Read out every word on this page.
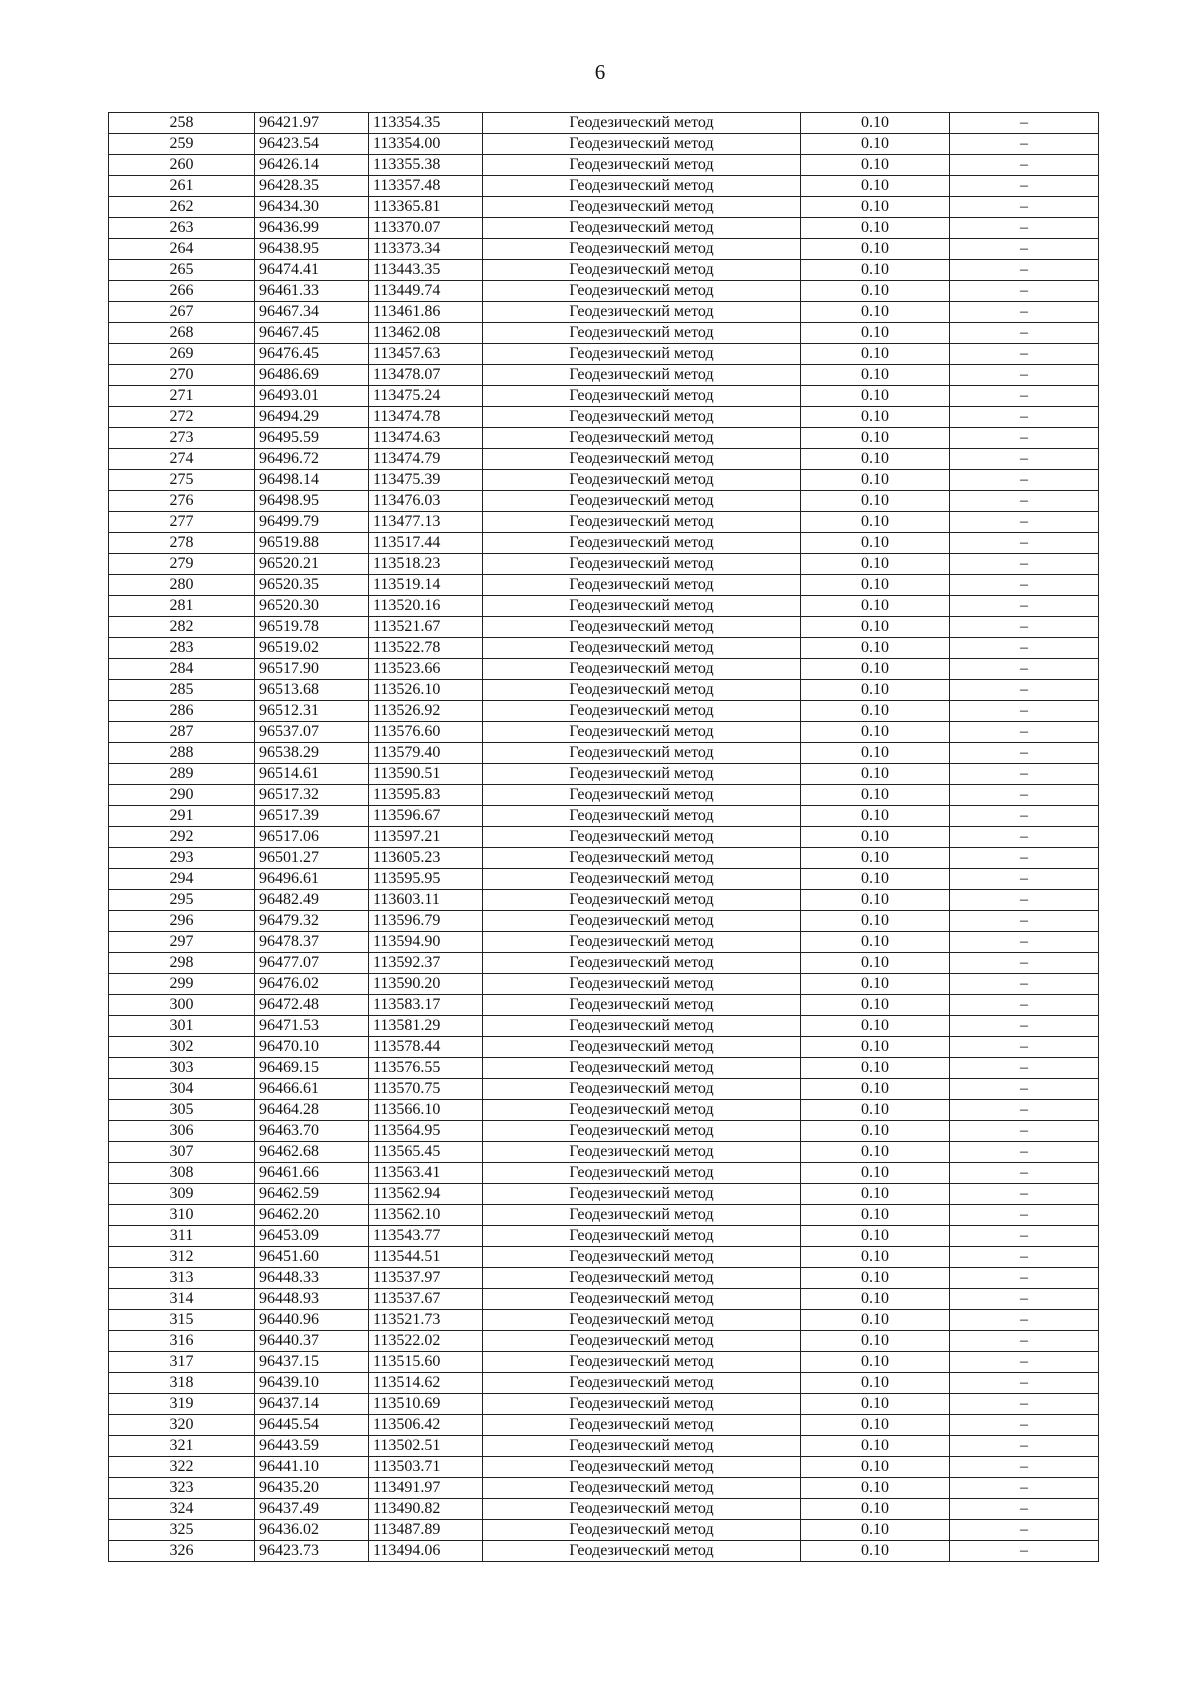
6
258	96421.97	113354.35	Геодезический метод	0.10	–
259	96423.54	113354.00	Геодезический метод	0.10	–
260	96426.14	113355.38	Геодезический метод	0.10	–
261	96428.35	113357.48	Геодезический метод	0.10	–
262	96434.30	113365.81	Геодезический метод	0.10	–
263	96436.99	113370.07	Геодезический метод	0.10	–
264	96438.95	113373.34	Геодезический метод	0.10	–
265	96474.41	113443.35	Геодезический метод	0.10	–
266	96461.33	113449.74	Геодезический метод	0.10	–
267	96467.34	113461.86	Геодезический метод	0.10	–
268	96467.45	113462.08	Геодезический метод	0.10	–
269	96476.45	113457.63	Геодезический метод	0.10	–
270	96486.69	113478.07	Геодезический метод	0.10	–
271	96493.01	113475.24	Геодезический метод	0.10	–
272	96494.29	113474.78	Геодезический метод	0.10	–
273	96495.59	113474.63	Геодезический метод	0.10	–
274	96496.72	113474.79	Геодезический метод	0.10	–
275	96498.14	113475.39	Геодезический метод	0.10	–
276	96498.95	113476.03	Геодезический метод	0.10	–
277	96499.79	113477.13	Геодезический метод	0.10	–
278	96519.88	113517.44	Геодезический метод	0.10	–
279	96520.21	113518.23	Геодезический метод	0.10	–
280	96520.35	113519.14	Геодезический метод	0.10	–
281	96520.30	113520.16	Геодезический метод	0.10	–
282	96519.78	113521.67	Геодезический метод	0.10	–
283	96519.02	113522.78	Геодезический метод	0.10	–
284	96517.90	113523.66	Геодезический метод	0.10	–
285	96513.68	113526.10	Геодезический метод	0.10	–
286	96512.31	113526.92	Геодезический метод	0.10	–
287	96537.07	113576.60	Геодезический метод	0.10	–
288	96538.29	113579.40	Геодезический метод	0.10	–
289	96514.61	113590.51	Геодезический метод	0.10	–
290	96517.32	113595.83	Геодезический метод	0.10	–
291	96517.39	113596.67	Геодезический метод	0.10	–
292	96517.06	113597.21	Геодезический метод	0.10	–
293	96501.27	113605.23	Геодезический метод	0.10	–
294	96496.61	113595.95	Геодезический метод	0.10	–
295	96482.49	113603.11	Геодезический метод	0.10	–
296	96479.32	113596.79	Геодезический метод	0.10	–
297	96478.37	113594.90	Геодезический метод	0.10	–
298	96477.07	113592.37	Геодезический метод	0.10	–
299	96476.02	113590.20	Геодезический метод	0.10	–
300	96472.48	113583.17	Геодезический метод	0.10	–
301	96471.53	113581.29	Геодезический метод	0.10	–
302	96470.10	113578.44	Геодезический метод	0.10	–
303	96469.15	113576.55	Геодезический метод	0.10	–
304	96466.61	113570.75	Геодезический метод	0.10	–
305	96464.28	113566.10	Геодезический метод	0.10	–
306	96463.70	113564.95	Геодезический метод	0.10	–
307	96462.68	113565.45	Геодезический метод	0.10	–
308	96461.66	113563.41	Геодезический метод	0.10	–
309	96462.59	113562.94	Геодезический метод	0.10	–
310	96462.20	113562.10	Геодезический метод	0.10	–
311	96453.09	113543.77	Геодезический метод	0.10	–
312	96451.60	113544.51	Геодезический метод	0.10	–
313	96448.33	113537.97	Геодезический метод	0.10	–
314	96448.93	113537.67	Геодезический метод	0.10	–
315	96440.96	113521.73	Геодезический метод	0.10	–
316	96440.37	113522.02	Геодезический метод	0.10	–
317	96437.15	113515.60	Геодезический метод	0.10	–
318	96439.10	113514.62	Геодезический метод	0.10	–
319	96437.14	113510.69	Геодезический метод	0.10	–
320	96445.54	113506.42	Геодезический метод	0.10	–
321	96443.59	113502.51	Геодезический метод	0.10	–
322	96441.10	113503.71	Геодезический метод	0.10	–
323	96435.20	113491.97	Геодезический метод	0.10	–
324	96437.49	113490.82	Геодезический метод	0.10	–
325	96436.02	113487.89	Геодезический метод	0.10	–
326	96423.73	113494.06	Геодезический метод	0.10	–
